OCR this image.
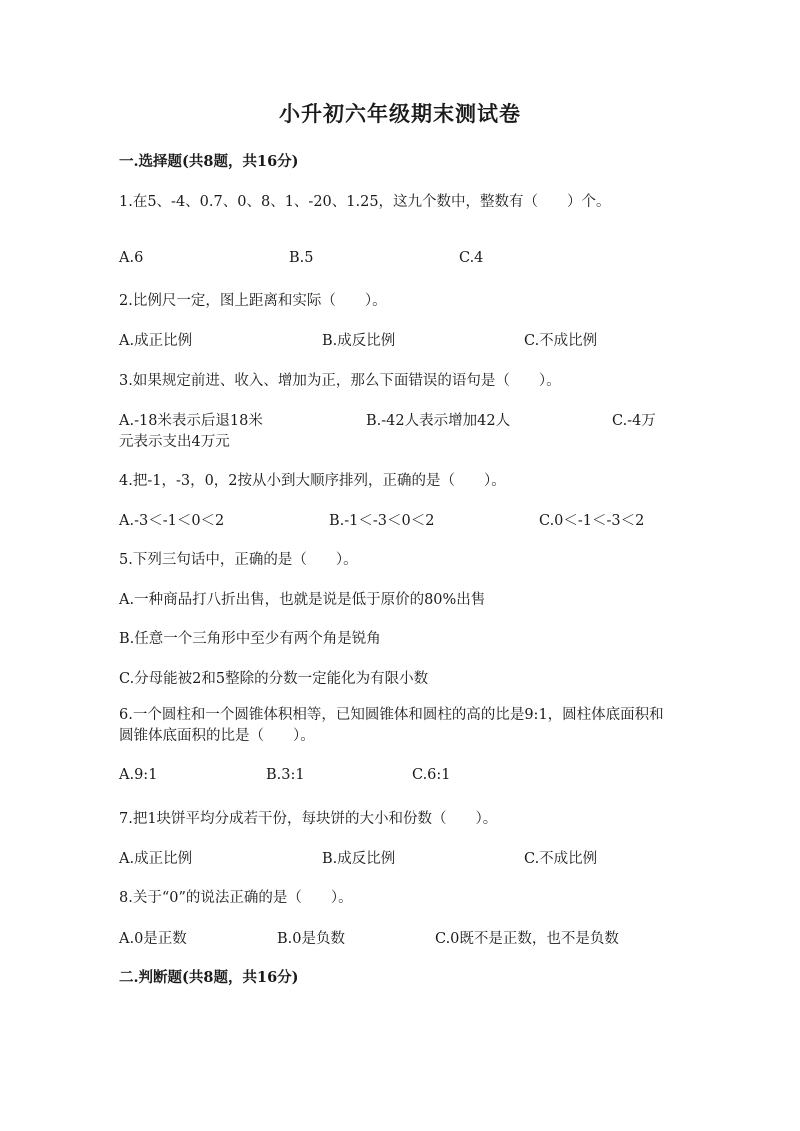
小升初六年级期末测试卷
一.选择题(共8题，共16分)
1.在5、-4、0.7、0、8、1、-20、1.25，这九个数中，整数有（　　）个。
A.6	B.5	C.4
2.比例尺一定，图上距离和实际（　　）。
A.成正比例	B.成反比例	C.不成比例
3.如果规定前进、收入、增加为正，那么下面错误的语句是（　　）。
A.-18米表示后退18米	B.-42人表示增加42人	C.-4万
元表示支出4万元
4.把-1，-3，0，2按从小到大顺序排列，正确的是（　　）。
A.-3＜-1＜0＜2	B.-1＜-3＜0＜2	C.0＜-1＜-3＜2
5.下列三句话中，正确的是（　　）。
A.一种商品打八折出售，也就是说是低于原价的80%出售
B.任意一个三角形中至少有两个角是锐角
C.分母能被2和5整除的分数一定能化为有限小数
6.一个圆柱和一个圆锥体积相等，已知圆锥体和圆柱的高的比是9:1，圆柱体底面积和圆锥体底面积的比是（　　）。
A.9:1	B.3:1	C.6:1
7.把1块饼平均分成若干份，每块饼的大小和份数（　　）。
A.成正比例	B.成反比例	C.不成比例
8.关于“0”的说法正确的是（　　）。
A.0是正数	B.0是负数	C.0既不是正数，也不是负数
二.判断题(共8题，共16分)
